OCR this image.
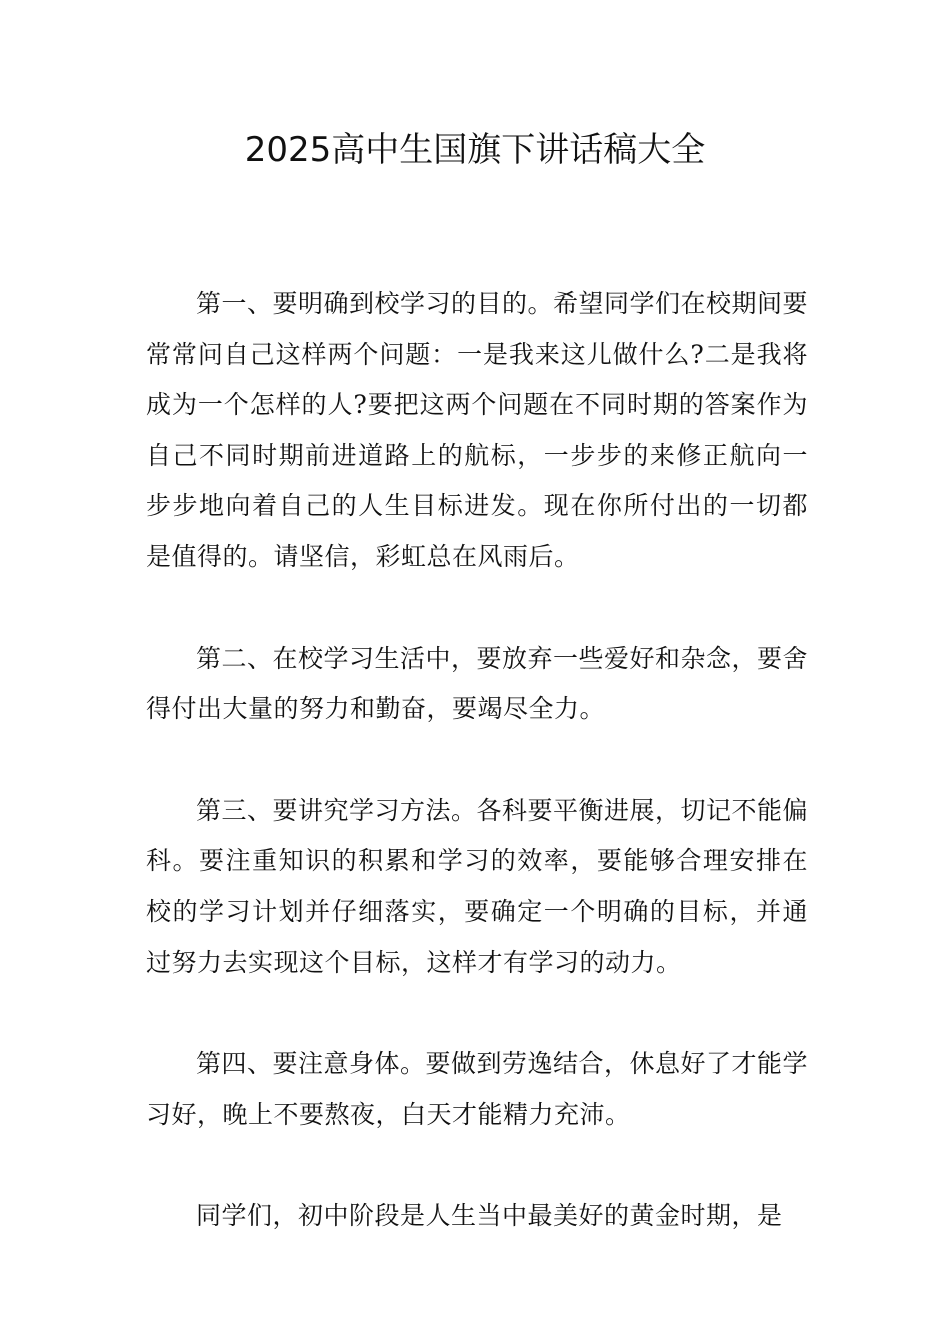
2025高中生国旗下讲话稿大全

第一、要明确到校学习的目的。希望同学们在校期间要常常问自己这样两个问题：一是我来这儿做什么?二是我将成为一个怎样的人?要把这两个问题在不同时期的答案作为自己不同时期前进道路上的航标，一步步的来修正航向一步步地向着自己的人生目标进发。现在你所付出的一切都是值得的。请坚信，彩虹总在风雨后。

第二、在校学习生活中，要放弃一些爱好和杂念，要舍得付出大量的努力和勤奋，要竭尽全力。

第三、要讲究学习方法。各科要平衡进展，切记不能偏科。要注重知识的积累和学习的效率，要能够合理安排在校的学习计划并仔细落实，要确定一个明确的目标，并通过努力去实现这个目标，这样才有学习的动力。

第四、要注意身体。要做到劳逸结合，休息好了才能学习好，晚上不要熬夜，白天才能精力充沛。

同学们，初中阶段是人生当中最美好的黄金时期，是
